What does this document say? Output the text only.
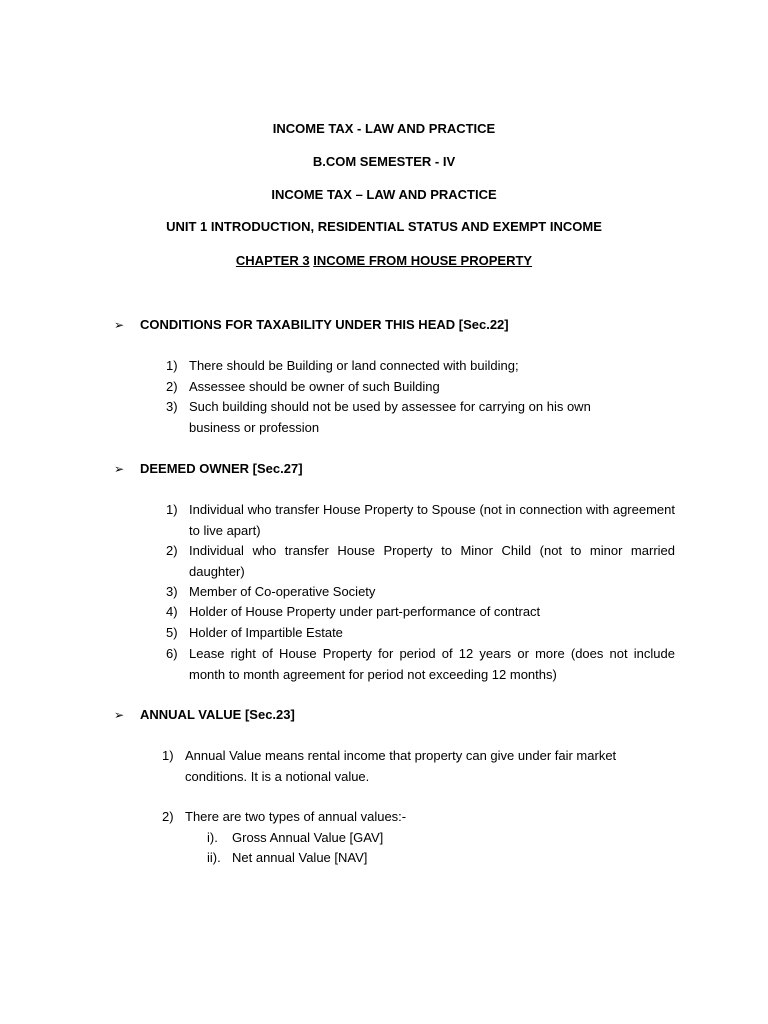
INCOME TAX - LAW AND PRACTICE
B.COM SEMESTER - IV
INCOME TAX – LAW AND PRACTICE
UNIT 1 INTRODUCTION, RESIDENTIAL STATUS AND EXEMPT INCOME
CHAPTER 3 INCOME FROM HOUSE PROPERTY
➢	CONDITIONS FOR TAXABILITY UNDER THIS HEAD [Sec.22]
1) There should be Building or land connected with building;
2) Assessee should be owner of such Building
3) Such building should not be used by assessee for carrying on his own business or profession
➢	DEEMED OWNER [Sec.27]
1) Individual who transfer House Property to Spouse (not in connection with agreement to live apart)
2) Individual who transfer House Property to Minor Child (not to minor married daughter)
3) Member of Co-operative Society
4) Holder of House Property under part-performance of contract
5) Holder of Impartible Estate
6) Lease right of House Property for period of 12 years or more (does not include month to month agreement for period not exceeding 12 months)
➢	ANNUAL VALUE [Sec.23]
1) Annual Value means rental income that property can give under fair market conditions. It is a notional value.
2) There are two types of annual values:-
i). Gross Annual Value [GAV]
ii). Net annual Value [NAV]
